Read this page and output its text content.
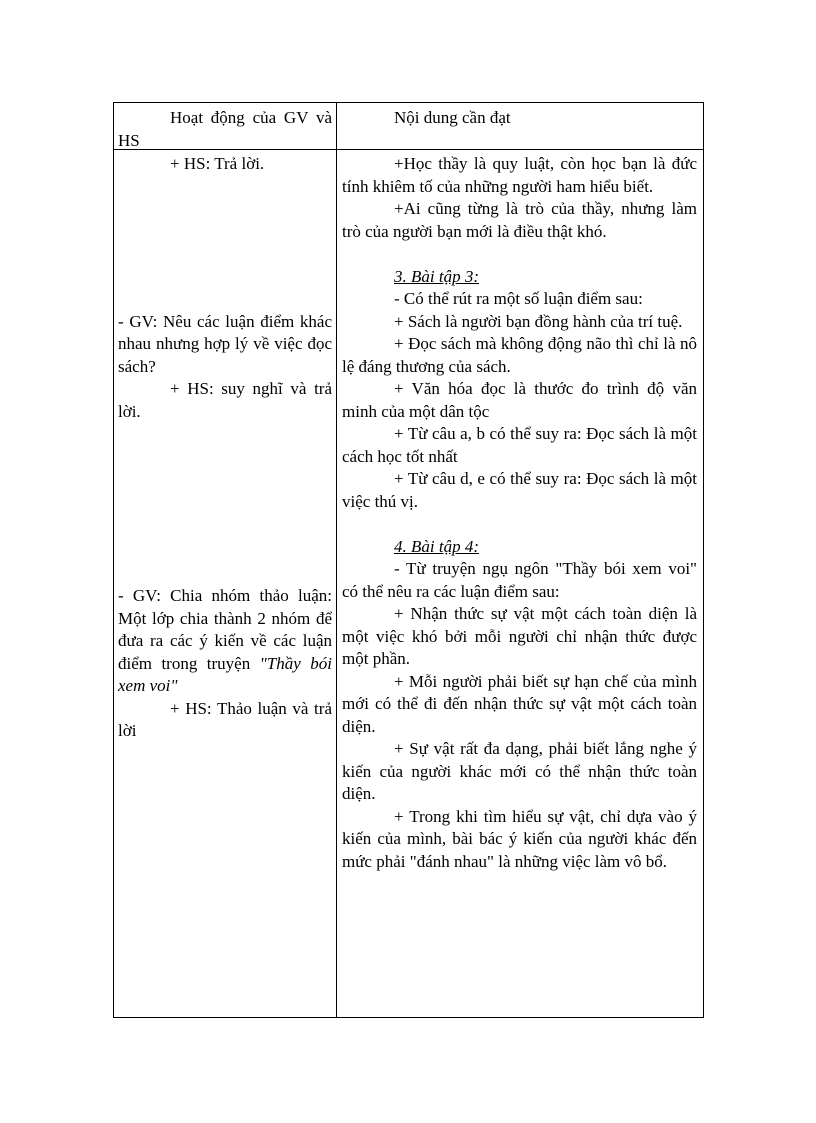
Hoạt động của GV và HS

Nội dung cần đạt

+ HS: Trả lời.

- GV: Nêu các luận điểm khác nhau nhưng hợp lý về việc đọc sách?

+ HS: suy nghĩ và trả lời.

- GV: Chia nhóm thảo luận: Một lớp chia thành 2 nhóm để đưa ra các ý kiến về các luận điểm trong truyện "Thầy bói xem voi"

+ HS: Thảo luận và trả lời

+Học thầy là quy luật, còn học bạn là đức tính khiêm tố của những người ham hiểu biết.

+Ai cũng từng là trò của thầy, nhưng làm trò của người bạn mới là điều thật khó.

3. Bài tập 3:

- Có thể rút ra một số luận điểm sau:

+ Sách là người bạn đồng hành của trí tuệ.

+ Đọc sách mà không động não thì chỉ là nô lệ đáng thương của sách.

+ Văn hóa đọc là thước đo trình độ văn minh của một dân tộc

+ Từ câu a, b có thể suy ra: Đọc sách là một cách học tốt nhất

+ Từ câu d, e có thể suy ra: Đọc sách là một việc thú vị.

4. Bài tập 4:

- Từ truyện ngụ ngôn "Thầy bói xem voi" có thể nêu ra các luận điểm sau:

+ Nhận thức sự vật một cách toàn diện là một việc khó bởi mỗi người chỉ nhận thức được một phần.

+ Mỗi người phải biết sự hạn chế của mình mới có thể đi đến nhận thức sự vật một cách toàn diện.

+ Sự vật rất đa dạng, phải biết lắng nghe ý kiến của người khác mới có thể nhận thức toàn diện.

+ Trong khi tìm hiểu sự vật, chỉ dựa vào ý kiến của mình, bài bác ý kiến của người khác đến mức phải "đánh nhau" là những việc làm vô bổ.
